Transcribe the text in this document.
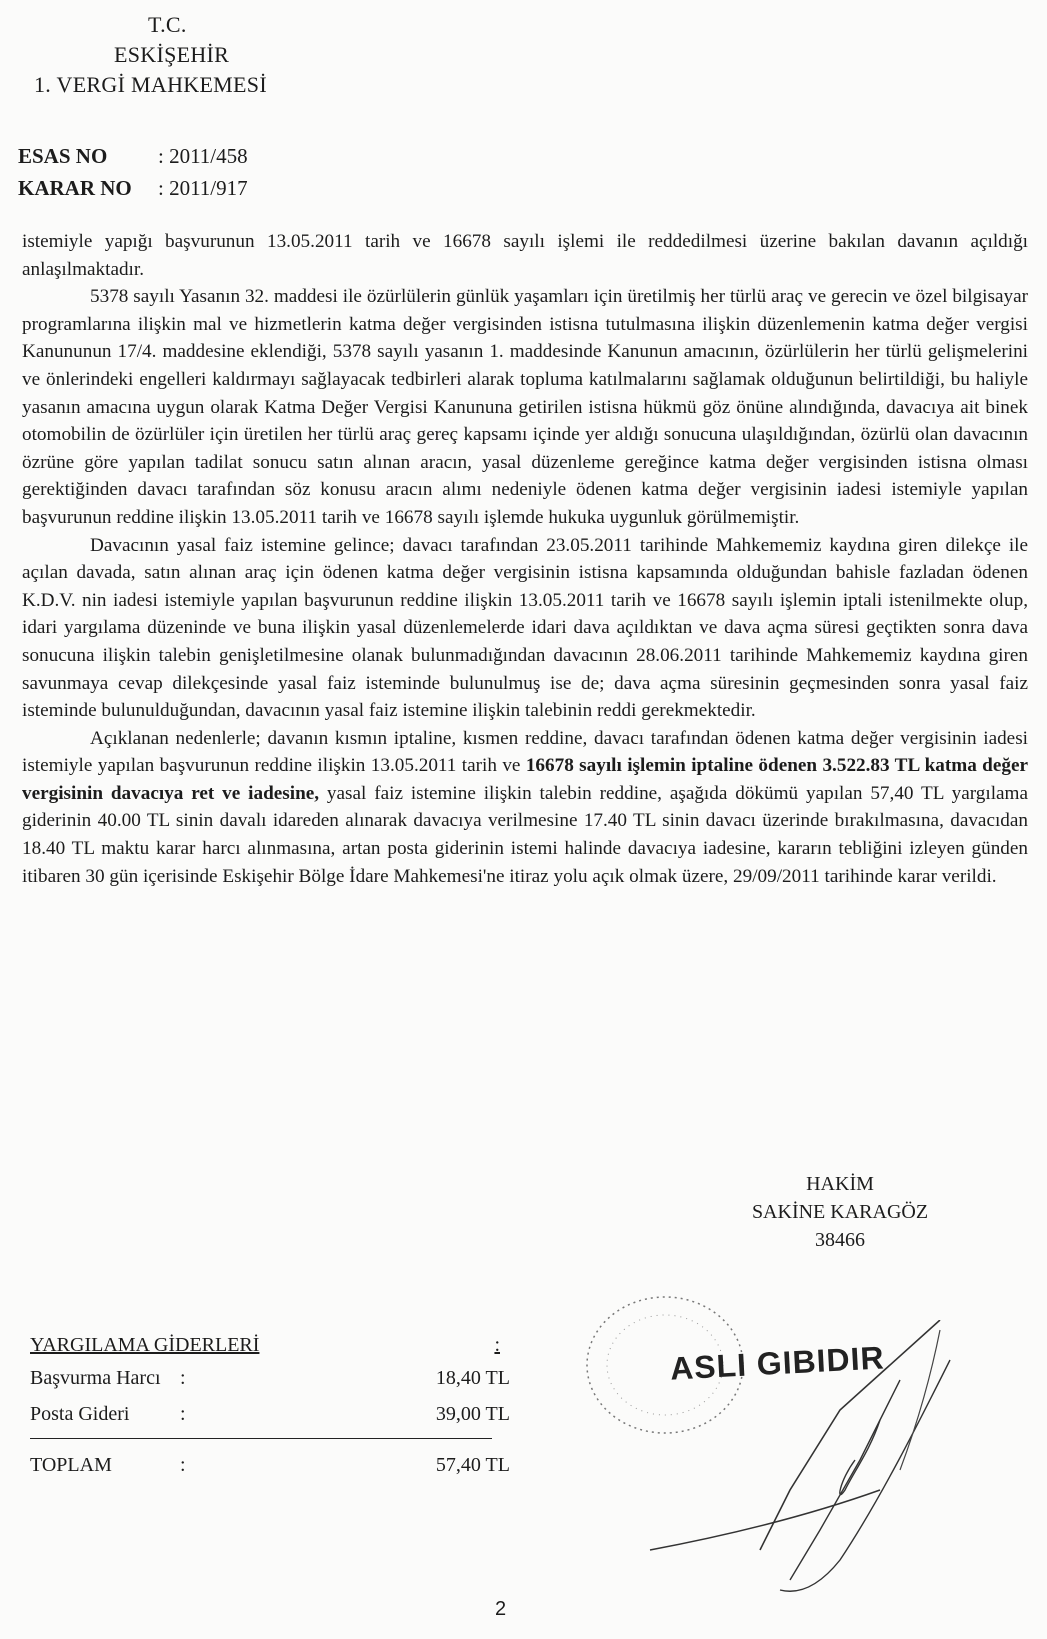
T.C.
ESKİŞEHİR
1. VERGİ MAHKEMESİ
ESAS NO : 2011/458
KARAR NO : 2011/917

istemiyle yapığı başvurunun 13.05.2011 tarih ve 16678 sayılı işlemi ile reddedilmesi üzerine bakılan davanın açıldığı anlaşılmaktadır.

5378 sayılı Yasanın 32. maddesi ile özürlülerin günlük yaşamları için üretilmiş her türlü araç ve gerecin ve özel bilgisayar programlarına ilişkin mal ve hizmetlerin katma değer vergisinden istisna tutulmasına ilişkin düzenlemenin katma değer vergisi Kanununun 17/4. maddesine eklendiği, 5378 sayılı yasanın 1. maddesinde Kanunun amacının, özürlülerin her türlü gelişmelerini ve önlerindeki engelleri kaldırmayı sağlayacak tedbirleri alarak topluma katılmalarını sağlamak olduğunun belirtildiği, bu haliyle yasanın amacına uygun olarak Katma Değer Vergisi Kanununa getirilen istisna hükmü göz önüne alındığında, davacıya ait binek otomobilin de özürlüler için üretilen her türlü araç gereç kapsamı içinde yer aldığı sonucuna ulaşıldığından, özürlü olan davacının özrüne göre yapılan tadilat sonucu satın alınan aracın, yasal düzenleme gereğince katma değer vergisinden istisna olması gerektiğinden davacı tarafından söz konusu aracın alımı nedeniyle ödenen katma değer vergisinin iadesi istemiyle yapılan başvurunun reddine ilişkin 13.05.2011 tarih ve 16678 sayılı işlemde hukuka uygunluk görülmemiştir.

Davacının yasal faiz istemine gelince; davacı tarafından 23.05.2011 tarihinde Mahkememiz kaydına giren dilekçe ile açılan davada, satın alınan araç için ödenen katma değer vergisinin istisna kapsamında olduğundan bahisle fazladan ödenen K.D.V. nin iadesi istemiyle yapılan başvurunun reddine ilişkin 13.05.2011 tarih ve 16678 sayılı işlemin iptali istenilmekte olup, idari yargılama düzeninde ve buna ilişkin yasal düzenlemelerde idari dava açıldıktan ve dava açma süresi geçtikten sonra dava sonucuna ilişkin talebin genişletilmesine olanak bulunmadığından davacının 28.06.2011 tarihinde Mahkememiz kaydına giren savunmaya cevap dilekçesinde yasal faiz isteminde bulunulmuş ise de; dava açma süresinin geçmesinden sonra yasal faiz isteminde bulunulduğundan, davacının yasal faiz istemine ilişkin talebinin reddi gerekmektedir.

Açıklanan nedenlerle; davanın kısmın iptaline, kısmen reddine, davacı tarafından ödenen katma değer vergisinin iadesi istemiyle yapılan başvurunun reddine ilişkin 13.05.2011 tarih ve 16678 sayılı işlemin iptaline ödenen 3.522.83 TL katma değer vergisinin davacıya ret ve iadesine, yasal faiz istemine ilişkin talebin reddine, aşağıda dökümü yapılan 57,40 TL yargılama giderinin 40.00 TL sinin davalı idareden alınarak davacıya verilmesine 17.40 TL sinin davacı üzerinde bırakılmasına, davacıdan 18.40 TL maktu karar harcı alınmasına, artan posta giderinin istemi halinde davacıya iadesine, kararın tebliğini izleyen günden itibaren 30 gün içerisinde Eskişehir Bölge İdare Mahkemesi'ne itiraz yolu açık olmak üzere, 29/09/2011 tarihinde karar verildi.

HAKİM
SAKİNE KARAGÖZ
38466
YARGILAMA GİDERLERİ	:
Başvurma Harcı :	18,40 TL
Posta Gideri	:	39,00 TL
TOPLAM	:	57,40 TL
ASLI GIBIDIR
2
